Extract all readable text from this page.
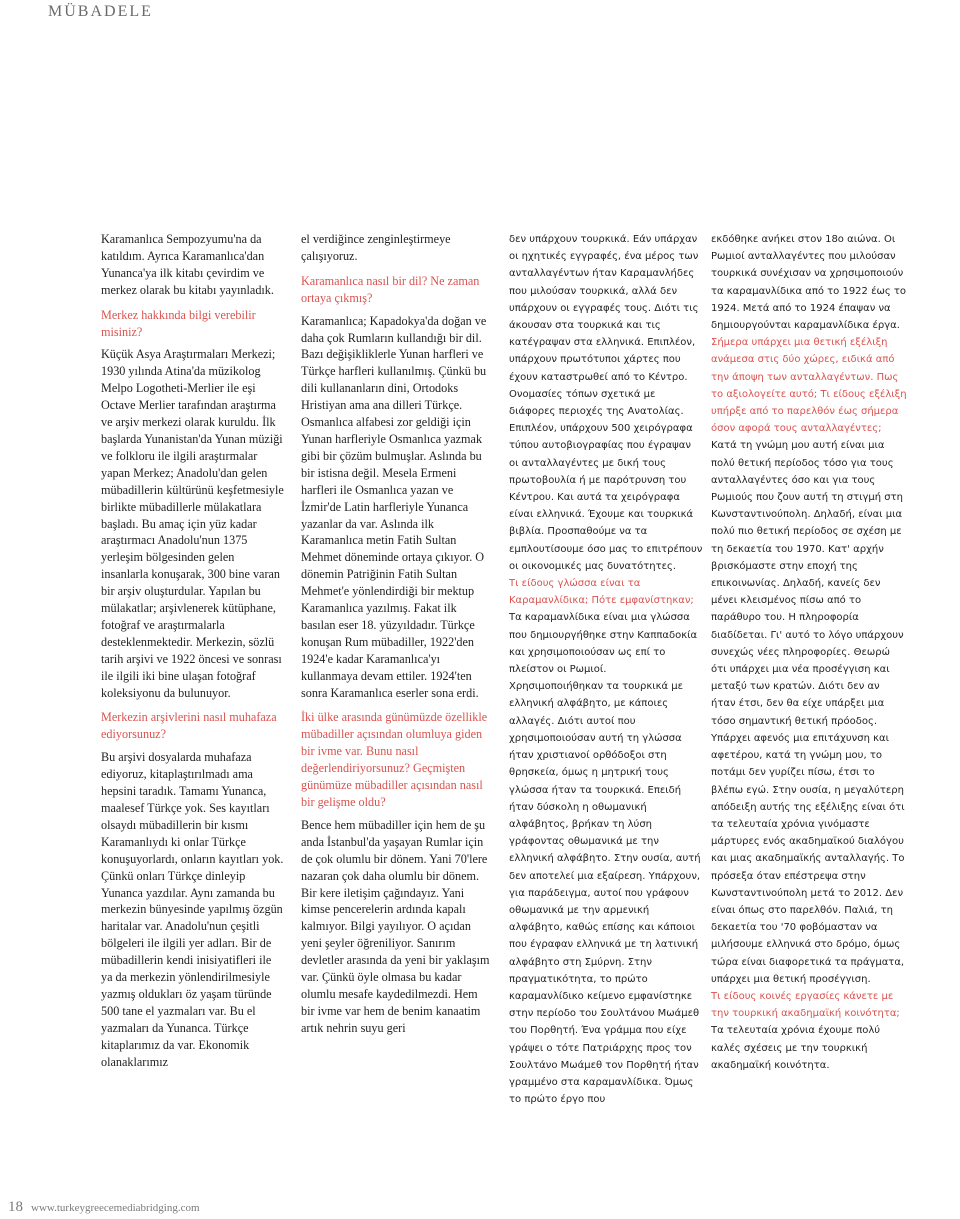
MÜBADELE

Karamanlıca Sempozyumu'na da katıldım. Ayrıca Karamanlıca'dan Yunanca'ya ilk kitabı çevirdim ve merkez olarak bu kitabı yayınladık.

Merkez hakkında bilgi verebilir misiniz?

Küçük Asya Araştırmaları Merkezi; 1930 yılında Atina'da müzikolog Melpo Logotheti-Merlier ile eşi Octave Merlier tarafından araştırma ve arşiv merkezi olarak kuruldu. İlk başlarda Yunanistan'da Yunan müziği ve folkloru ile ilgili araştırmalar yapan Merkez; Anadolu'dan gelen mübadillerin kültürünü keşfetmesiyle birlikte mübadillerle mülakatlara başladı. Bu amaç için yüz kadar araştırmacı Anadolu'nun 1375 yerleşim bölgesinden gelen insanlarla konuşarak, 300 bine varan bir arşiv oluşturdular. Yapılan bu mülakatlar; arşivlenerek kütüphane, fotoğraf ve araştırmalarla desteklenmektedir. Merkezin, sözlü tarih arşivi ve 1922 öncesi ve sonrası ile ilgili iki bine ulaşan fotoğraf koleksiyonu da bulunuyor.

Merkezin arşivlerini nasıl muhafaza ediyorsunuz?

Bu arşivi dosyalarda muhafaza ediyoruz, kitaplaştırılmadı ama hepsini taradık. Tamamı Yunanca, maalesef Türkçe yok. Ses kayıtları olsaydı mübadillerin bir kısmı Karamanlıydı ki onlar Türkçe konuşuyorlardı, onların kayıtları yok. Çünkü onları Türkçe dinleyip Yunanca yazdılar. Aynı zamanda bu merkezin bünyesinde yapılmış özgün haritalar var. Anadolu'nun çeşitli bölgeleri ile ilgili yer adları. Bir de mübadillerin kendi inisiyatifleri ile ya da merkezin yönlendirilmesiyle yazmış oldukları öz yaşam türünde 500 tane el yazmaları var. Bu el yazmaları da Yunanca. Türkçe kitaplarımız da var. Ekonomik olanaklarımız

el verdiğince zenginleştirmeye çalışıyoruz.

Karamanlıca nasıl bir dil? Ne zaman ortaya çıkmış?

Karamanlıca; Kapadokya'da doğan ve daha çok Rumların kullandığı bir dil. Bazı değişikliklerle Yunan harfleri ve Türkçe harfleri kullanılmış. Çünkü bu dili kullananların dini, Ortodoks Hristiyan ama ana dilleri Türkçe. Osmanlıca alfabesi zor geldiği için Yunan harfleriyle Osmanlıca yazmak gibi bir çözüm bulmuşlar. Aslında bu bir istisna değil. Mesela Ermeni harfleri ile Osmanlıca yazan ve İzmir'de Latin harfleriyle Yunanca yazanlar da var. Aslında ilk Karamanlıca metin Fatih Sultan Mehmet döneminde ortaya çıkıyor. O dönemin Patriğinin Fatih Sultan Mehmet'e yönlendirdiği bir mektup Karamanlıca yazılmış. Fakat ilk basılan eser 18. yüzyıldadır. Türkçe konuşan Rum mübadiller, 1922'den 1924'e kadar Karamanlıca'yı kullanmaya devam ettiler. 1924'ten sonra Karamanlıca eserler sona erdi.

İki ülke arasında günümüzde özellikle mübadiller açısından olumluya giden bir ivme var. Bunu nasıl değerlendiriyorsunuz? Geçmişten günümüze mübadiller açısından nasıl bir gelişme oldu?

Bence hem mübadiller için hem de şu anda İstanbul'da yaşayan Rumlar için de çok olumlu bir dönem. Yani 70'lere nazaran çok daha olumlu bir dönem. Bir kere iletişim çağındayız. Yani kimse pencerelerin ardında kapalı kalmıyor. Bilgi yayılıyor. O açıdan yeni şeyler öğreniliyor. Sanırım devletler arasında da yeni bir yaklaşım var. Çünkü öyle olmasa bu kadar olumlu mesafe kaydedilmezdi. Hem bir ivme var hem de benim kanaatim artık nehrin suyu geri

δεν υπάρχουν τουρκικά. Εάν υπάρχαν οι ηχητικές εγγραφές, ένα μέρος των ανταλλαγέντων ήταν Καραμανλήδες που μιλούσαν τουρκικά, αλλά δεν υπάρχουν οι εγγραφές τους. Διότι τις άκουσαν στα τουρκικά και τις κατέγραψαν στα ελληνικά. Επιπλέον, υπάρχουν πρωτότυποι χάρτες που έχουν καταστρωθεί από το Κέντρο. Ονομασίες τόπων σχετικά με διάφορες περιοχές της Ανατολίας. Επιπλέον, υπάρχουν 500 χειρόγραφα τύπου αυτοβιογραφίας που έγραψαν οι ανταλλαγέντες με δική τους πρωτοβουλία ή με παρότρυνση του Κέντρου. Και αυτά τα χειρόγραφα είναι ελληνικά. Έχουμε και τουρκικά βιβλία. Προσπαθούμε να τα εμπλουτίσουμε όσο μας το επιτρέπουν οι οικονομικές μας δυνατότητες.

Τι είδους γλώσσα είναι τα Καραμανλίδικα; Πότε εμφανίστηκαν;

Τα καραμανλίδικα είναι μια γλώσσα που δημιουργήθηκε στην Καππαδοκία και χρησιμοποιούσαν ως επί το πλείστον οι Ρωμιοί. Χρησιμοποιήθηκαν τα τουρκικά με ελληνική αλφάβητο, με κάποιες αλλαγές. Διότι αυτοί που χρησιμοποιούσαν αυτή τη γλώσσα ήταν χριστιανοί ορθόδοξοι στη θρησκεία, όμως η μητρική τους γλώσσα ήταν τα τουρκικά. Επειδή ήταν δύσκολη η οθωμανική αλφάβητος, βρήκαν τη λύση γράφοντας οθωμανικά με την ελληνική αλφάβητο. Στην ουσία, αυτή δεν αποτελεί μια εξαίρεση. Υπάρχουν, για παράδειγμα, αυτοί που γράφουν οθωμανικά με την αρμενική αλφάβητο, καθώς επίσης και κάποιοι που έγραφαν ελληνικά με τη λατινική αλφάβητο στη Σμύρνη. Στην πραγματικότητα, το πρώτο καραμανλίδικο κείμενο εμφανίστηκε στην περίοδο του Σουλτάνου Μωάμεθ του Πορθητή. Ένα γράμμα που είχε γράψει ο τότε Πατριάρχης προς τον Σουλτάνο Μωάμεθ τον Πορθητή ήταν γραμμένο στα καραμανλίδικα. Όμως το πρώτο έργο που

εκδόθηκε ανήκει στον 18ο αιώνα. Οι Ρωμιοί ανταλλαγέντες που μιλούσαν τουρκικά συνέχισαν να χρησιμοποιούν τα καραμανλίδικα από το 1922 έως το 1924. Μετά από το 1924 έπαψαν να δημιουργούνται καραμανλίδικα έργα.

Σήμερα υπάρχει μια θετική εξέλιξη ανάμεσα στις δύο χώρες, ειδικά από την άποψη των ανταλλαγέντων. Πως το αξιολογείτε αυτό; Τι είδους εξέλιξη υπήρξε από το παρελθόν έως σήμερα όσον αφορά τους ανταλλαγέντες;

Κατά τη γνώμη μου αυτή είναι μια πολύ θετική περίοδος τόσο για τους ανταλλαγέντες όσο και για τους Ρωμιούς που ζουν αυτή τη στιγμή στη Κωνσταντινούπολη. Δηλαδή, είναι μια πολύ πιο θετική περίοδος σε σχέση με τη δεκαετία του 1970. Κατ' αρχήν βρισκόμαστε στην εποχή της επικοινωνίας. Δηλαδή, κανείς δεν μένει κλεισμένος πίσω από το παράθυρο του. Η πληροφορία διαδίδεται. Γι' αυτό το λόγο υπάρχουν συνεχώς νέες πληροφορίες. Θεωρώ ότι υπάρχει μια νέα προσέγγιση και μεταξύ των κρατών. Διότι δεν αν ήταν έτσι, δεν θα είχε υπάρξει μια τόσο σημαντική θετική πρόοδος. Υπάρχει αφενός μια επιτάχυνση και αφετέρου, κατά τη γνώμη μου, το ποτάμι δεν γυρίζει πίσω, έτσι το βλέπω εγώ. Στην ουσία, η μεγαλύτερη απόδειξη αυτής της εξέλιξης είναι ότι τα τελευταία χρόνια γινόμαστε μάρτυρες ενός ακαδημαϊκού διαλόγου και μιας ακαδημαϊκής ανταλλαγής. Το πρόσεξα όταν επέστρεψα στην Κωνσταντινούπολη μετά το 2012. Δεν είναι όπως στο παρελθόν. Παλιά, τη δεκαετία του '70 φοβόμασταν να μιλήσουμε ελληνικά στο δρόμο, όμως τώρα είναι διαφορετικά τα πράγματα, υπάρχει μια θετική προσέγγιση.

Τι είδους κοινές εργασίες κάνετε με την τουρκική ακαδημαϊκή κοινότητα;

Τα τελευταία χρόνια έχουμε πολύ καλές σχέσεις με την τουρκική ακαδημαϊκή κοινότητα.

18 www.turkeygreecemediabridging.com
